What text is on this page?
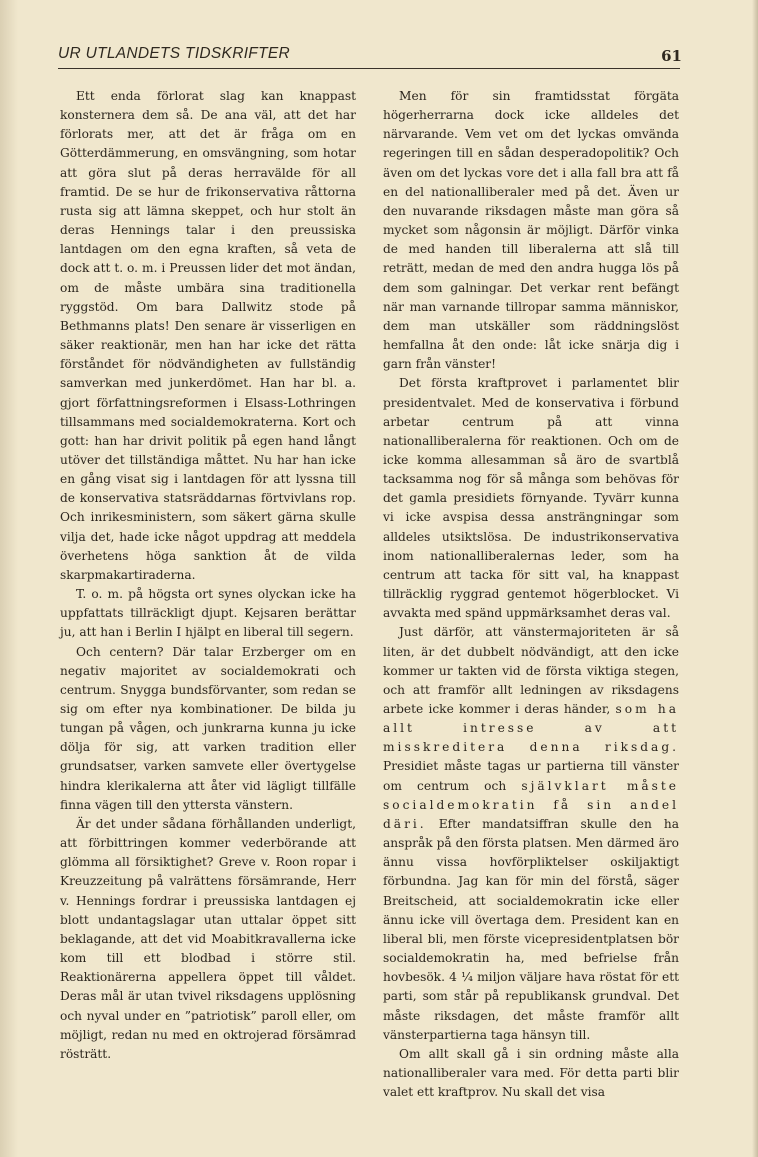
UR UTLANDETS TIDSKRIFTER	61

Ett enda förlorat slag kan knappast konsternera dem så. De ana väl, att det har förlorats mer, att det är fråga om en Götterdämmerung, en omsvängning, som hotar att göra slut på deras herravälde för all framtid. De se hur de frikonservativa råttorna rusta sig att lämna skeppet, och hur stolt än deras Hennings talar i den preussiska lantdagen om den egna kraften, så veta de dock att t. o. m. i Preussen lider det mot ändan, om de måste umbära sina traditionella ryggstöd. Om bara Dallwitz stode på Bethmanns plats! Den senare är visserligen en säker reaktionär, men han har icke det rätta förståndet för nödvändigheten av fullständig samverkan med junkerdömet. Han har bl. a. gjort författningsreformen i Elsass-Lothringen tillsammans med socialdemokraterna. Kort och gott: han har drivit politik på egen hand långt utöver det tillständiga måttet. Nu har han icke en gång visat sig i lantdagen för att lyssna till de konservativa statsräddarnas förtvivlans rop. Och inrikesministern, som säkert gärna skulle vilja det, hade icke något uppdrag att meddela överhetens höga sanktion åt de vilda skarpmakartiraderna.

T. o. m. på högsta ort synes olyckan icke ha uppfattats tillräckligt djupt. Kejsaren berättar ju, att han i Berlin I hjälpt en liberal till segern.

Och centern? Där talar Erzberger om en negativ majoritet av socialdemokrati och centrum. Snygga bundsförvanter, som redan se sig om efter nya kombinationer. De bilda ju tungan på vågen, och junkrarna kunna ju icke dölja för sig, att varken tradition eller grundsatser, varken samvete eller övertygelse hindra klerikalerna att åter vid lägligt tillfälle finna vägen till den yttersta vänstern.

Är det under sådana förhållanden underligt, att förbittringen kommer vederbörande att glömma all försiktighet? Greve v. Roon ropar i Kreuzzeitung på valrättens försämrande, Herr v. Hennings fordrar i preussiska lantdagen ej blott undantagslagar utan uttalar öppet sitt beklagande, att det vid Moabitkravallerna icke kom till ett blodbad i större stil. Reaktionärerna appellera öppet till våldet. Deras mål är utan tvivel riksdagens upplösning och nyval under en ”patriotisk” paroll eller, om möjligt, redan nu med en oktrojerad försämrad rösträtt.

Men för sin framtidsstat förgäta högerherrarna dock icke alldeles det närvarande. Vem vet om det lyckas omvända regeringen till en sådan desperadopolitik? Och även om det lyckas vore det i alla fall bra att få en del nationalliberaler med på det. Även ur den nuvarande riksdagen måste man göra så mycket som någonsin är möjligt. Därför vinka de med handen till liberalerna att slå till reträtt, medan de med den andra hugga lös på dem som galningar. Det verkar rent befängt när man varnande tillropar samma människor, dem man utskäller som räddningslöst hemfallna åt den onde: låt icke snärja dig i garn från vänster!

Det första kraftprovet i parlamentet blir presidentvalet. Med de konservativa i förbund arbetar centrum på att vinna nationalliberalerna för reaktionen. Och om de icke komma allesamman så äro de svartblå tacksamma nog för så många som behövas för det gamla presidiets förnyande. Tyvärr kunna vi icke avspisa dessa ansträngningar som alldeles utsiktslösa. De industrikonservativa inom nationalliberalernas leder, som ha centrum att tacka för sitt val, ha knappast tillräcklig ryggrad gentemot högerblocket. Vi avvakta med spänd uppmärksamhet deras val.

Just därför, att vänstermajoriteten är så liten, är det dubbelt nödvändigt, att den icke kommer ur takten vid de första viktiga stegen, och att framför allt ledningen av riksdagens arbete icke kommer i deras händer, som ha allt intresse av att misskreditera denna riksdag. Presidiet måste tagas ur partierna till vänster om centrum och självklart måste socialdemokratin få sin andel däri. Efter mandatsiffran skulle den ha anspråk på den första platsen. Men därmed äro ännu vissa hovförpliktelser oskiljaktigt förbundna. Jag kan för min del förstå, säger Breitscheid, att socialdemokratin icke eller ännu icke vill övertaga dem. President kan en liberal bli, men förste vicepresidentplatsen bör socialdemokratin ha, med befrielse från hovbesök. 4 ¼ miljon väljare hava röstat för ett parti, som står på republikansk grundval. Det måste riksdagen, det måste framför allt vänsterpartierna taga hänsyn till.

Om allt skall gå i sin ordning måste alla nationalliberaler vara med. För detta parti blir valet ett kraftprov. Nu skall det visa
